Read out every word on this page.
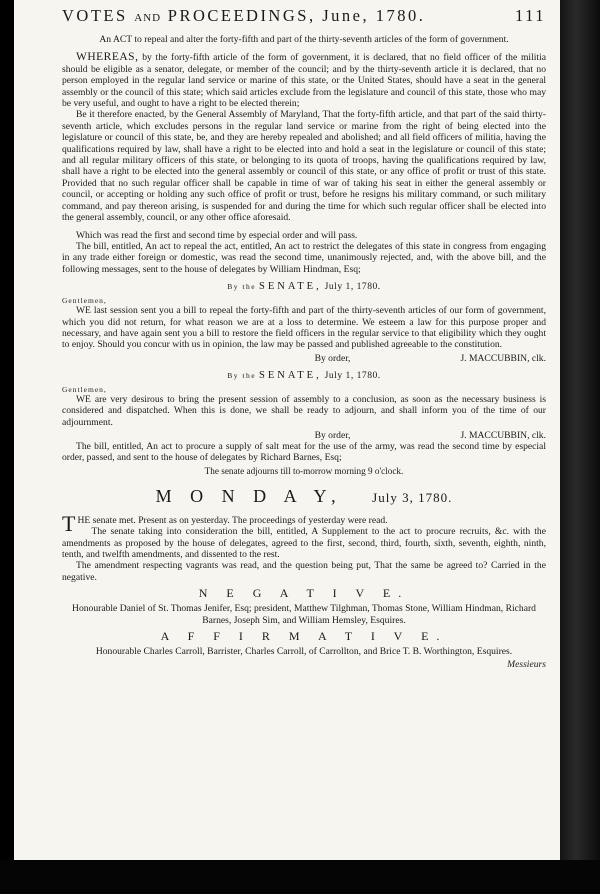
VOTES AND PROCEEDINGS, June, 1780.	111

An ACT to repeal and alter the forty-fifth and part of the thirty-seventh articles of the form of government.

WHEREAS, by the forty-fifth article of the form of government, it is declared, that no field officer of the militia should be eligible as a senator, delegate, or member of the council; and by the thirty-seventh article it is declared, that no person employed in the regular land service or marine of this state, or the United States, should have a seat in the general assembly or the council of this state; which said articles exclude from the legislature and council of this state, those who may be very useful, and ought to have a right to be elected therein;

Be it therefore enacted, by the General Assembly of Maryland, That the forty-fifth article, and that part of the said thirty-seventh article, which excludes persons in the regular land service or marine from the right of being elected into the legislature or council of this state, be, and they are hereby repealed and abolished; and all field officers of militia, having the qualifications required by law, shall have a right to be elected into and hold a seat in the legislature or council of this state; and all regular military officers of this state, or belonging to its quota of troops, having the qualifications required by law, shall have a right to be elected into the general assembly or council of this state, or any office of profit or trust of this state. Provided that no such regular officer shall be capable in time of war of taking his seat in either the general assembly or council, or accepting or holding any such office of profit or trust, before he resigns his military command, or such military command, and pay thereon arising, is suspended for and during the time for which such regular officer shall be elected into the general assembly, council, or any other office aforesaid.

Which was read the first and second time by especial order and will pass.

The bill, entitled, An act to repeal the act, entitled, An act to restrict the delegates of this state in congress from engaging in any trade either foreign or domestic, was read the second time, unanimously rejected, and, with the above bill, and the following messages, sent to the house of delegates by William Hindman, Esq;

By the SENATE, July 1, 1780.
Gentlemen,

WE last session sent you a bill to repeal the forty-fifth and part of the thirty-seventh articles of our form of government, which you did not return, for what reason we are at a loss to determine. We esteem a law for this purpose proper and necessary, and have again sent you a bill to restore the field officers in the regular service to that eligibility which they ought to enjoy. Should you concur with us in opinion, the law may be passed and published agreeable to the constitution.

By order,	J. MACCUBBIN, clk.
By the SENATE, July 1, 1780.
Gentlemen,

WE are very desirous to bring the present session of assembly to a conclusion, as soon as the necessary business is considered and dispatched. When this is done, we shall be ready to adjourn, and shall inform you of the time of our adjournment.

By order,	J. MACCUBBIN, clk.

The bill, entitled, An act to procure a supply of salt meat for the use of the army, was read the second time by especial order, passed, and sent to the house of delegates by Richard Barnes, Esq;

The senate adjourns till to-morrow morning 9 o'clock.
M O N D A Y, July 3, 1780.

THE senate met. Present as on yesterday. The proceedings of yesterday were read.

The senate taking into consideration the bill, entitled, A Supplement to the act to procure recruits, &c. with the amendments as proposed by the house of delegates, agreed to the first, second, third, fourth, sixth, seventh, eighth, ninth, tenth, and twelfth amendments, and dissented to the rest.

The amendment respecting vagrants was read, and the question being put, That the same be agreed to? Carried in the negative.

N E G A T I V E.
Honourable Daniel of St. Thomas Jenifer, Esq; president, Matthew Tilghman, Thomas Stone, William Hindman, Richard Barnes, Joseph Sim, and William Hemsley, Esquires.
A F F I R M A T I V E.
Honourable Charles Carroll, Barrister, Charles Carroll, of Carrollton, and Brice T. B. Worthington, Esquires.
Messieurs
